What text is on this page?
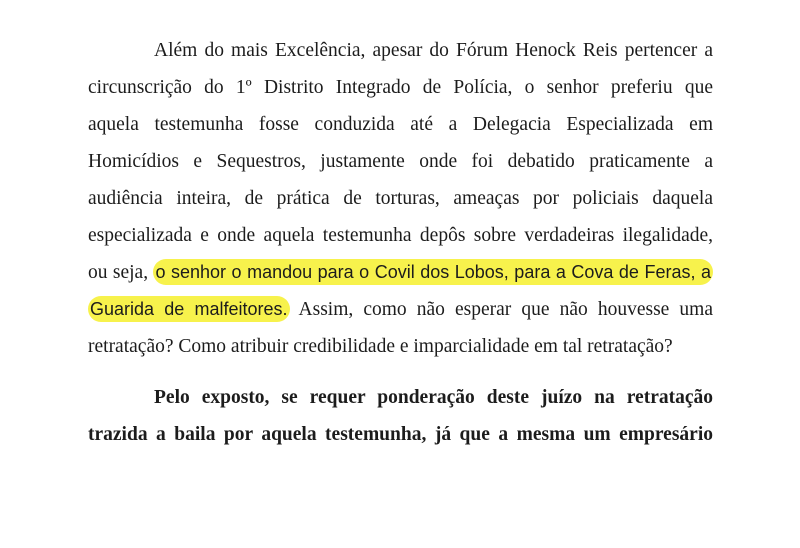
Além do mais Excelência, apesar do Fórum Henock Reis pertencer a
circunscrição do 1º Distrito Integrado de Polícia, o senhor preferiu que
aquela testemunha fosse conduzida até a Delegacia Especializada em
Homicídios e Sequestros, justamente onde foi debatido praticamente a
audiência inteira, de prática de torturas, ameaças por policiais daquela
especializada e onde aquela testemunha depôs sobre verdadeiras ilegalidade,
ou seja, o senhor o mandou para o Covil dos Lobos, para a Cova de Feras, a
Guarida de malfeitores. Assim, como não esperar que não houvesse uma
retratação? Como atribuir credibilidade e imparcialidade em tal retratação?
Pelo exposto, se requer ponderação deste juízo na retratação
trazida a baila por aquela testemunha, já que a mesma um empresário
